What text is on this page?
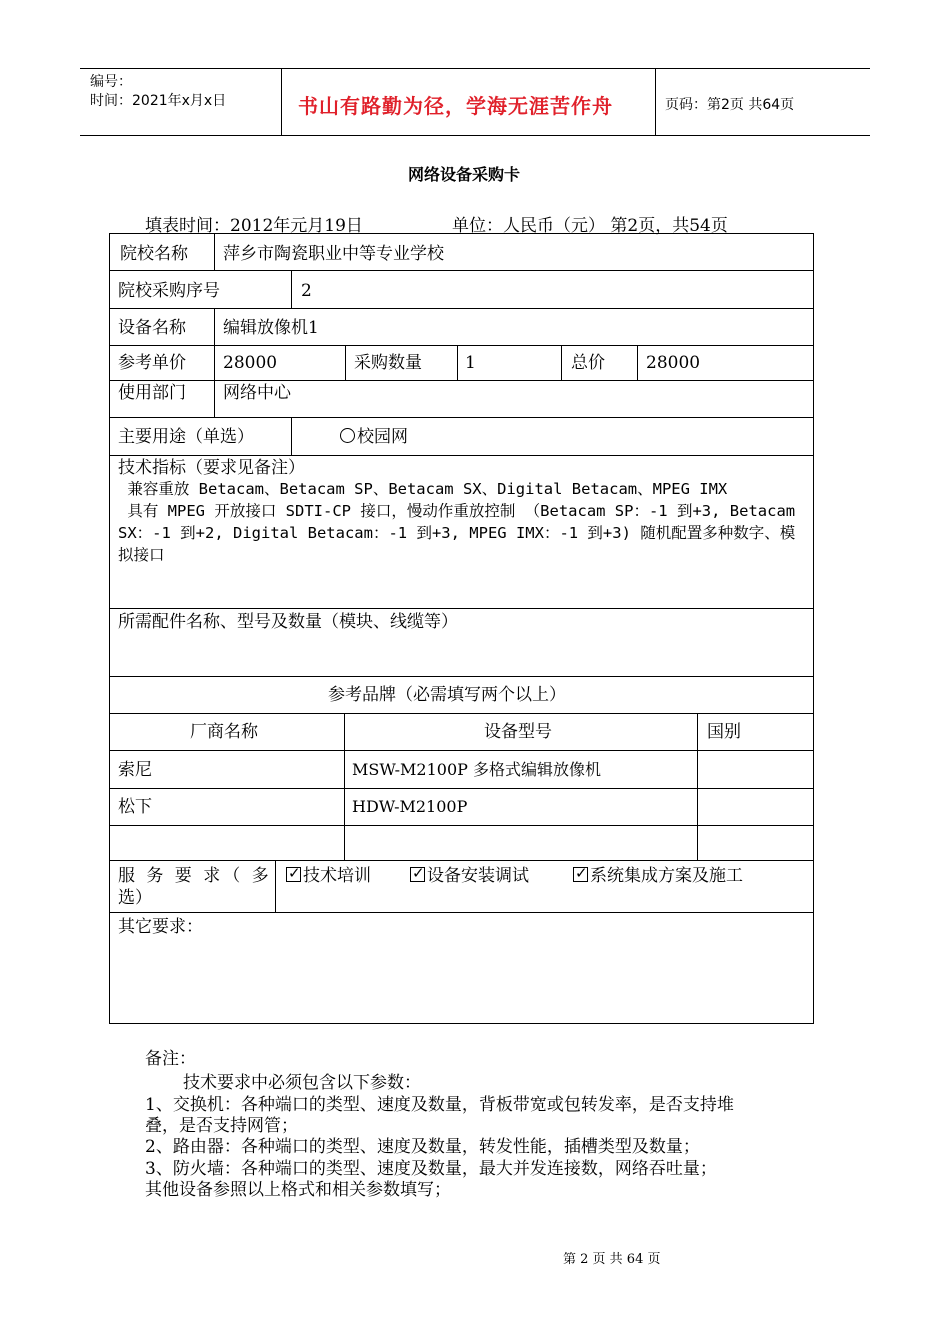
编号：
时间：2021年x月x日	书山有路勤为径，学海无涯苦作舟	页码：第2页 共64页
网络设备采购卡
填表时间：2012年元月19日	单位：人民币（元） 第2页，共54页
院校名称 萍乡市陶瓷职业中等专业学校
院校采购序号	2
设备名称 编辑放像机1
参考单价 28000	采购数量	1	总价 28000
使用部门 网络中心
主要用途（单选）	校园网
技术指标（要求见备注）
兼容重放 Betacam、Betacam SP、Betacam SX、Digital Betacam、MPEG IMX
具有 MPEG 开放接口 SDTI-CP 接口，慢动作重放控制 （Betacam SP：-1 到+3, Betacam SX：-1 到+2, Digital Betacam：-1 到+3, MPEG IMX：-1 到+3) 随机配置多种数字、模拟接口
所需配件名称、型号及数量（模块、线缆等）
参考品牌（必需填写两个以上）
厂商名称	设备型号	国别
索尼	MSW-M2100P 多格式编辑放像机
松下	HDW-M2100P
服 务 要 求（ 多
选）
✓ 技术培训	✓ 设备安装调试	✓ 系统集成方案及施工
其它要求：
备注：
技术要求中必须包含以下参数：
1、交换机：各种端口的类型、速度及数量，背板带宽或包转发率，是否支持堆
叠，是否支持网管；
2、路由器：各种端口的类型、速度及数量，转发性能，插槽类型及数量；
3、防火墙：各种端口的类型、速度及数量，最大并发连接数，网络吞吐量；
其他设备参照以上格式和相关参数填写；
第 2 页 共 64 页
